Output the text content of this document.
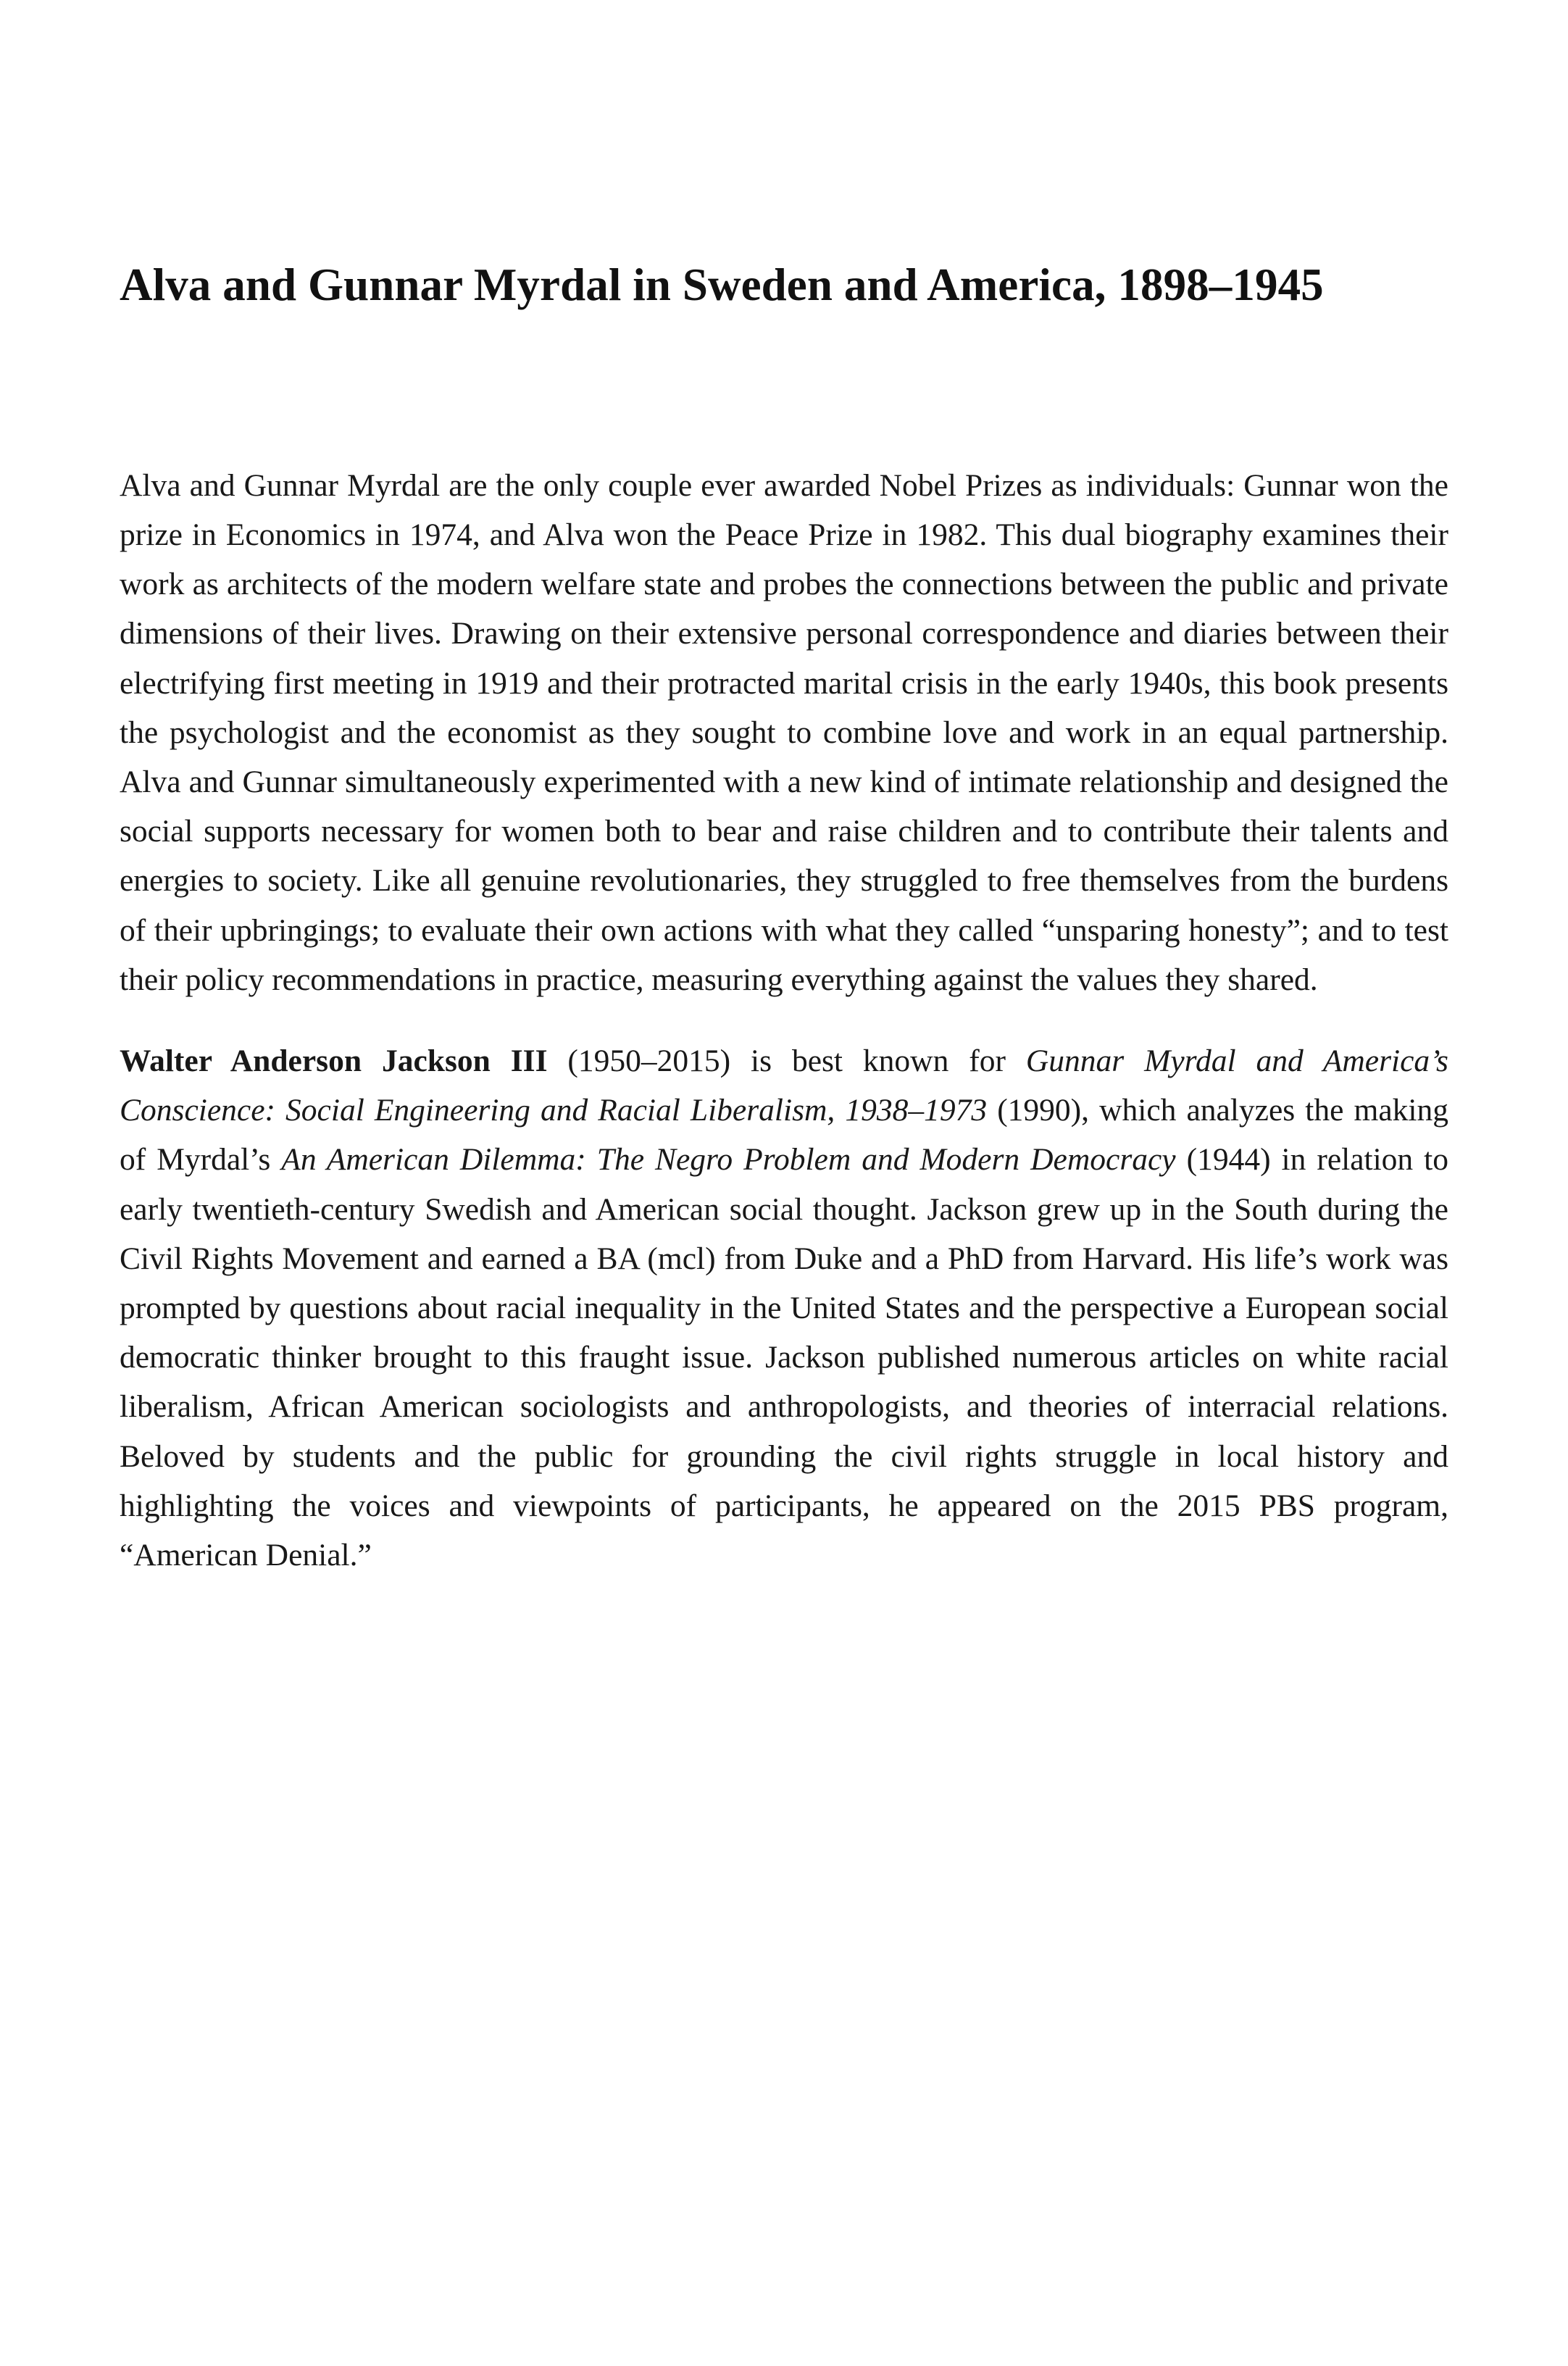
Alva and Gunnar Myrdal in Sweden and America, 1898–1945

Alva and Gunnar Myrdal are the only couple ever awarded Nobel Prizes as individuals: Gunnar won the prize in Economics in 1974, and Alva won the Peace Prize in 1982. This dual biography examines their work as architects of the modern welfare state and probes the connections between the public and private dimensions of their lives. Drawing on their extensive personal correspondence and diaries between their electrifying first meeting in 1919 and their protracted marital crisis in the early 1940s, this book presents the psychologist and the economist as they sought to combine love and work in an equal partnership. Alva and Gunnar simultaneously experimented with a new kind of intimate relationship and designed the social supports necessary for women both to bear and raise children and to contribute their talents and energies to society. Like all genuine revolutionaries, they struggled to free themselves from the burdens of their upbringings; to evaluate their own actions with what they called “unsparing honesty”; and to test their policy recommendations in practice, measuring everything against the values they shared.

Walter Anderson Jackson III (1950–2015) is best known for Gunnar Myrdal and America’s Conscience: Social Engineering and Racial Liberalism, 1938–1973 (1990), which analyzes the making of Myrdal’s An American Dilemma: The Negro Problem and Modern Democracy (1944) in relation to early twentieth-century Swedish and American social thought. Jackson grew up in the South during the Civil Rights Movement and earned a BA (mcl) from Duke and a PhD from Harvard. His life’s work was prompted by questions about racial inequality in the United States and the perspective a European social democratic thinker brought to this fraught issue. Jackson published numerous articles on white racial liberalism, African American sociologists and anthropologists, and theories of interracial relations. Beloved by students and the public for grounding the civil rights struggle in local history and highlighting the voices and viewpoints of participants, he appeared on the 2015 PBS program, “American Denial.”
